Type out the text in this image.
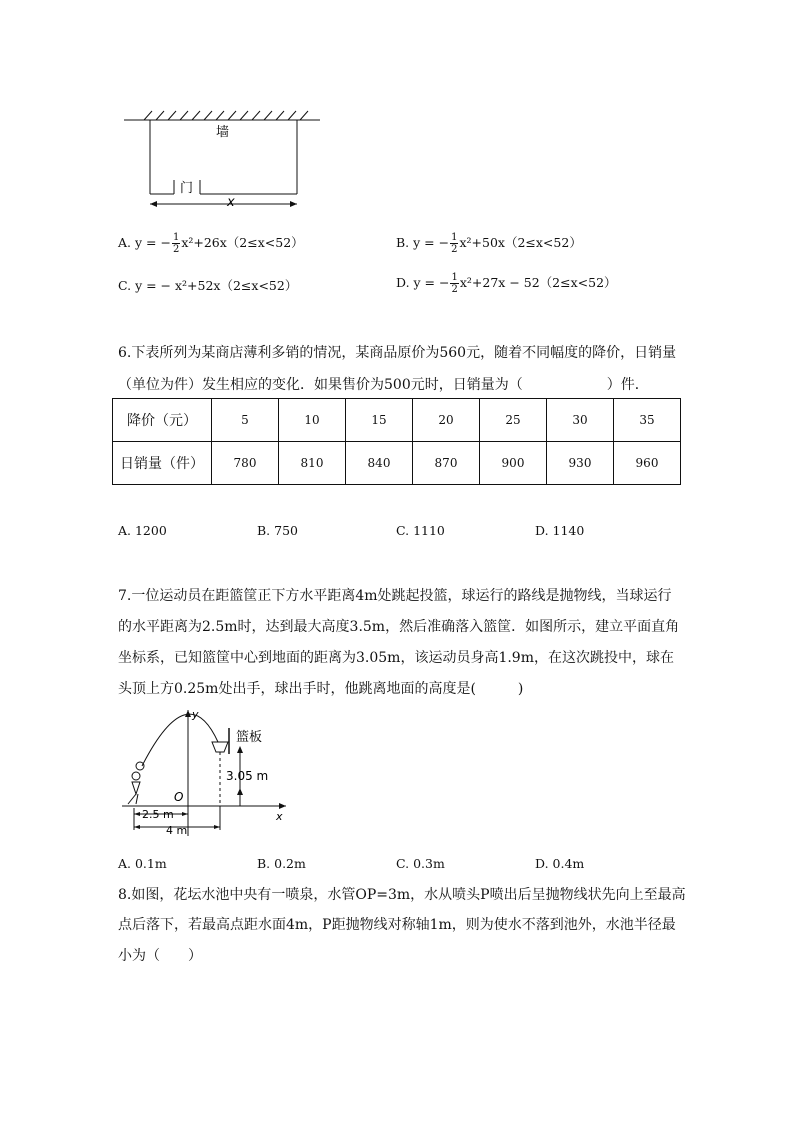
墙
门
x
A. y = − $\frac{1}{2} x^2+26x(2\le x<52)$	B. y = − $\frac{1}{2} x^2+50x(2\le x<52)$
C. y = − x²+52x（2≤x<52）	D. y = − $\frac{1}{2} x^2+27x - 52(2\le x<52)$
6.下表所列为某商店薄利多销的情况，某商品原价为560元，随着不同幅度的降价，日销量
（单位为件）发生相应的变化．如果售价为500元时，日销量为（　　　　　　）件．
降价（元）	5	10	15	20	25	30	35
日销量（件）	780	810	840	870	900	930	960
A. 1200	B. 750	C. 1110	D. 1140
7.一位运动员在距篮筐正下方水平距离4m处跳起投篮，球运行的路线是抛物线，当球运行
的水平距离为2.5m时，达到最大高度3.5m，然后准确落入篮筐．如图所示，建立平面直角
坐标系，已知篮筐中心到地面的距离为3.05m，该运动员身高1.9m，在这次跳投中，球在
头顶上方0.25m处出手，球出手时，他跳离地面的高度是(　　　)
y
x
O
篮板
3.05 m
2.5 m
4 m
A. 0.1m	B. 0.2m	C. 0.3m	D. 0.4m
8.如图，花坛水池中央有一喷泉，水管OP=3m，水从喷头P喷出后呈抛物线状先向上至最高
点后落下，若最高点距水面4m，P距抛物线对称轴1m，则为使水不落到池外，水池半径最
小为（　　）
